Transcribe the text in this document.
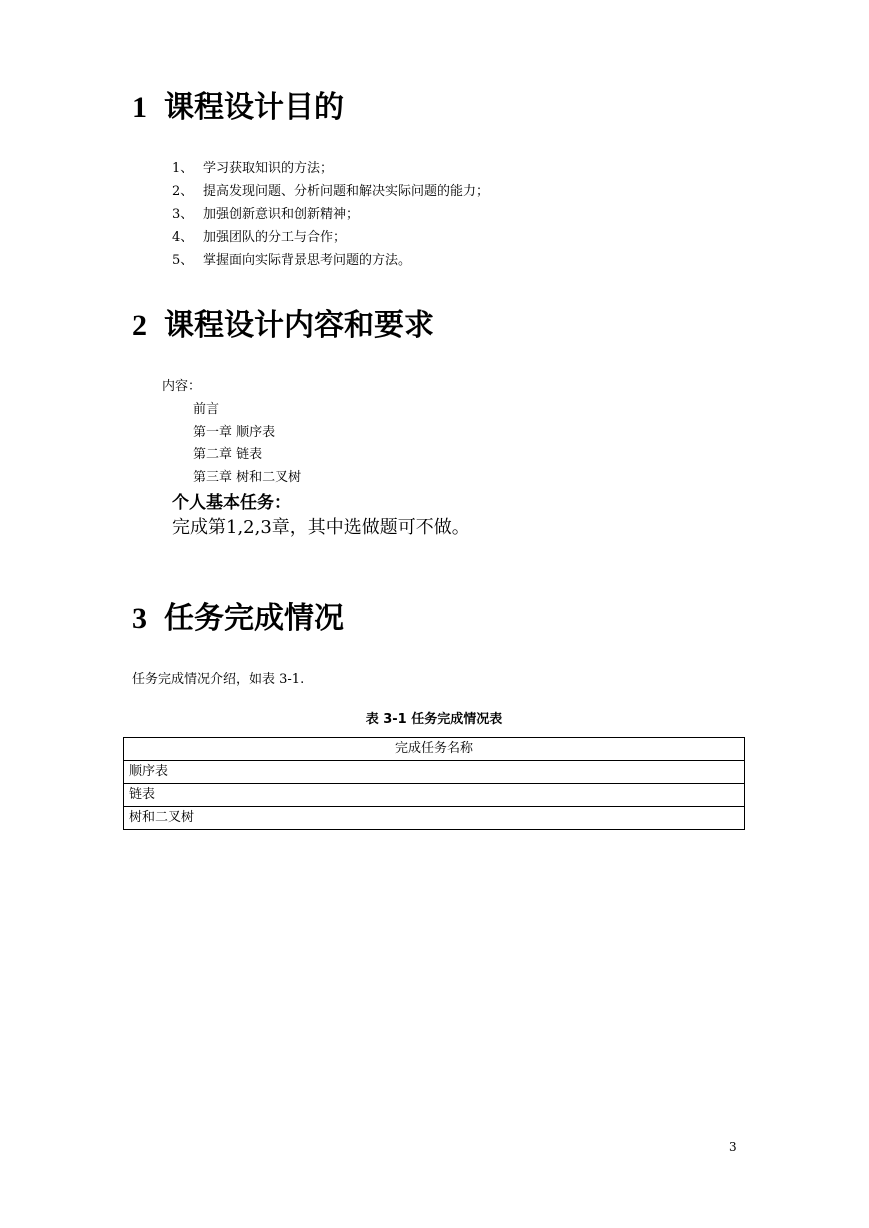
1 课程设计目的
1、 学习获取知识的方法；
2、 提高发现问题、分析问题和解决实际问题的能力；
3、 加强创新意识和创新精神；
4、 加强团队的分工与合作；
5、 掌握面向实际背景思考问题的方法。
2 课程设计内容和要求
内容：
前言
第一章 顺序表
第二章 链表
第三章 树和二叉树
个人基本任务：
完成第1,2,3章，其中选做题可不做。
3 任务完成情况
任务完成情况介绍，如表 3-1.
表 3-1 任务完成情况表
完成任务名称
顺序表
链表
树和二叉树
3
